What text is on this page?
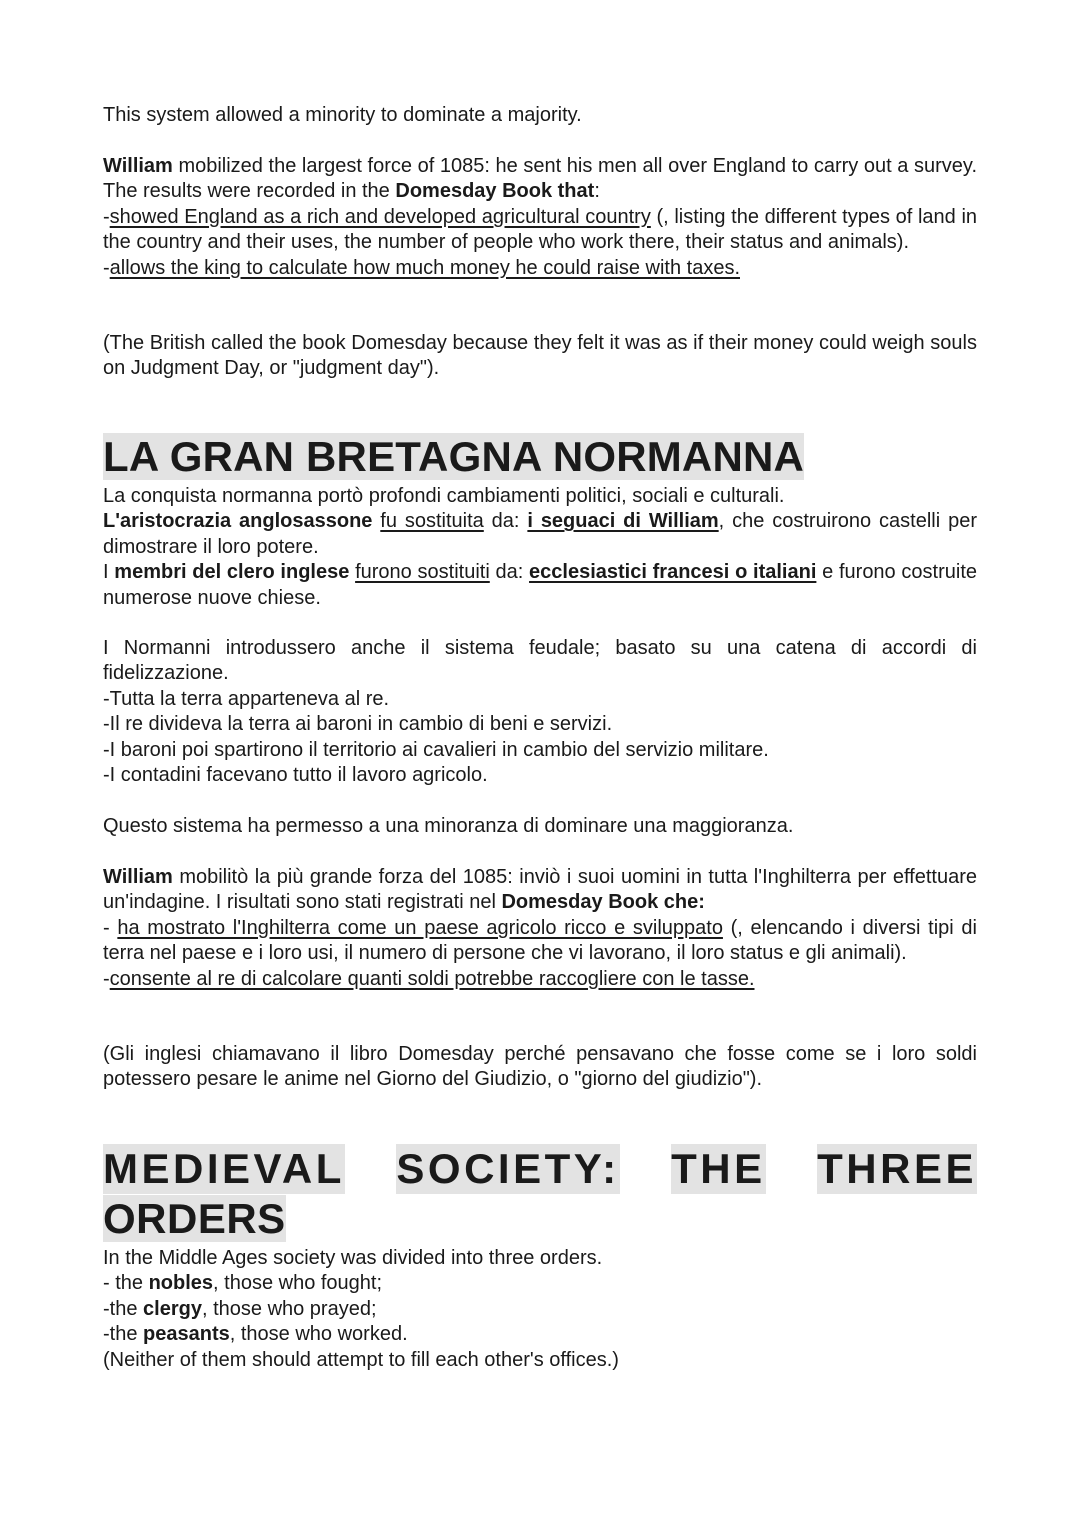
This system allowed a minority to dominate a majority.

William mobilized the largest force of 1085: he sent his men all over England to carry out a survey. The results were recorded in the Domesday Book that:

-showed England as a rich and developed agricultural country (, listing the different types of land in the country and their uses, the number of people who work there, their status and animals).

-allows the king to calculate how much money he could raise with taxes.

(The British called the book Domesday because they felt it was as if their money could weigh souls on Judgment Day, or "judgment day").

LA GRAN BRETAGNA NORMANNA

La conquista normanna portò profondi cambiamenti politici, sociali e culturali.

L'aristocrazia anglosassone fu sostituita da: i seguaci di William, che costruirono castelli per dimostrare il loro potere.

I membri del clero inglese furono sostituiti da: ecclesiastici francesi o italiani e furono costruite numerose nuove chiese.

I Normanni introdussero anche il sistema feudale; basato su una catena di accordi di fidelizzazione.

-Tutta la terra apparteneva al re.

-Il re divideva la terra ai baroni in cambio di beni e servizi.

-I baroni poi spartirono il territorio ai cavalieri in cambio del servizio militare.

-I contadini facevano tutto il lavoro agricolo.

Questo sistema ha permesso a una minoranza di dominare una maggioranza.

William mobilitò la più grande forza del 1085: inviò i suoi uomini in tutta l'Inghilterra per effettuare un'indagine. I risultati sono stati registrati nel Domesday Book che:

- ha mostrato l'Inghilterra come un paese agricolo ricco e sviluppato (, elencando i diversi tipi di terra nel paese e i loro usi, il numero di persone che vi lavorano, il loro status e gli animali).

-consente al re di calcolare quanti soldi potrebbe raccogliere con le tasse.

(Gli inglesi chiamavano il libro Domesday perché pensavano che fosse come se i loro soldi potessero pesare le anime nel Giorno del Giudizio, o "giorno del giudizio").

MEDIEVAL SOCIETY: THE THREE
ORDERS

In the Middle Ages society was divided into three orders.

- the nobles, those who fought;

-the clergy, those who prayed;

-the peasants, those who worked.

(Neither of them should attempt to fill each other's offices.)
